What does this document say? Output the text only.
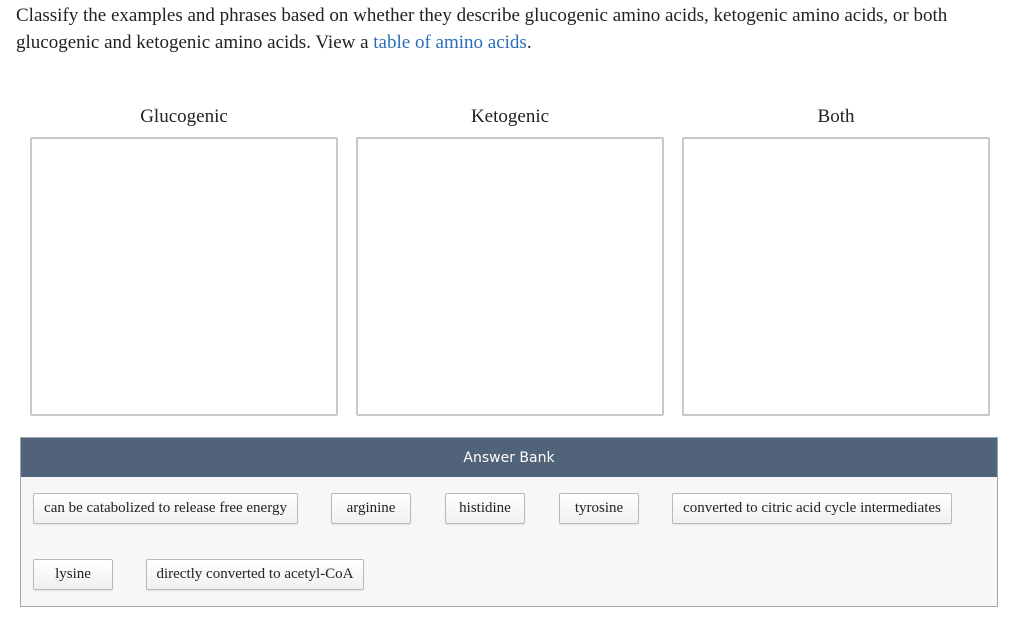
Classify the examples and phrases based on whether they describe glucogenic amino acids, ketogenic amino acids, or both glucogenic and ketogenic amino acids. View a table of amino acids.
Glucogenic	Ketogenic	Both
Answer Bank
can be catabolized to release free energy	arginine	histidine	tyrosine	converted to citric acid cycle intermediates
lysine	directly converted to acetyl-CoA
